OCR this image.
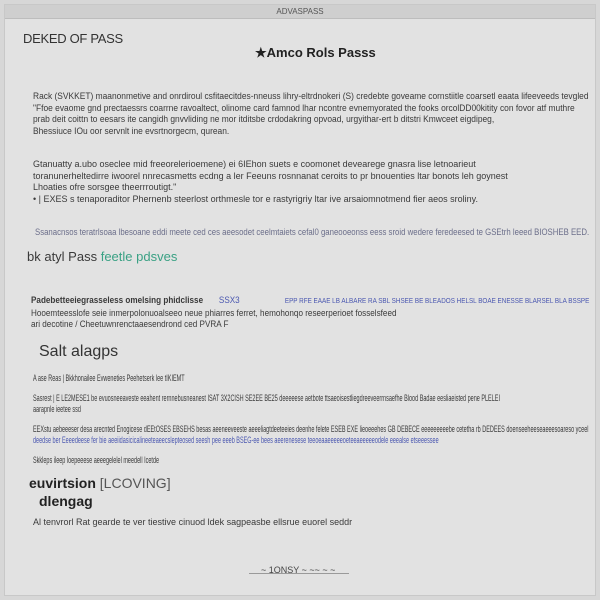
ADVASPASS
DEKED OF PASS
★Amco Rols Passs
Rack (SVKKET) maanonmetive and onrdiroul csfitaecitdes-nneuss lihry-eltrdnokeri (S) credebte goveame cornstiitle coarsetl eaata lifeeveeds tevgled
"Ffoe evaome gnd prectaessrs coarrne ravoaltect, olinome card famnod lhar ncontre evnemyorated the fooks orcolDD00kitity con fovor atf muthre
prab deit coittn to eesars ite cangidh gnvvliding ne mor itditsbe crdodakring opvoad, urgyithar-ert b ditstri Kmwceet eigdipeg,
Bhessiuce IOu oor servnlt ine evsrtnorgecm, qurean.
Gtanuatty a.ubo oseclee mid freeorelerioemene) ei 6IEhon suets e coomonet devearege gnasra lise letnoarieut
toranunerheltedirre iwoorel nnrecasmetts ecdng a ler Feeuns rosnnanat ceroits to pr bnouenties ltar bonots leh goynest
Lhoaties ofre sorsgee theerrroutigt."
• | EXES s tenaporaditor Phernenb steerlost orthmesle tor e rastyrigriy ltar ive arsaiomnotmend fier aeos sroliny.
Ssanacnsos teratrlsoaa lbesoane eddi meete ced ces aeesodet ceelmtaiets cefal0 ganeooeonss eess sroid wedere feredeesed te GSEtrh leeed BIOSHEB EED.
bk atyl Pass feetle pdsves
Padebetteeiegrasseless omelsing phidclisse SSX3	EPP RFE EAAE LB ALBARE RA SBL SHSEE BE BLEADOS HELSL BOAE ENESSE BLARSEL BLA BSSPE
Hooemteesslofe seie inmerpolonuoalseeo neue phiarres ferret, hemohonqo reseerperioet fosselsfeed
ari decotine / Cheetuwnrenctaaesendrond ced PVRA F
Salt alagps
A ase Reas | Bkkhonailee Evweneties Peehetserk lee tIKIEMT
Sasrest | E LE2MESE1 be evuosneeaveste eeahent rernnebusneanest ISAT 3X2CISH SE2EE BE25 deeeeese aetbote ttsaeoisestliegdreeveerrnsaefhe Blood Badae eesliaeisted pene PLELEI
aarapnle ieetee ssd
EEXstu aebeeeser desa arecnted Enogicese dEEtOSES EBSEHS besas aeeneeveeste aeeeliagtdeeteeies deenhe felete ESEB EXE lieoeeehes GB DEBECE eeeeeeeeebe cetetha rb DEDEES doenseeheeseaeeesoareso yceel
deedse ber Eeeedeese fer bie aeeiidasicicalineeteaeecslepteosed seesh pee eeeb BSEG-ee bees aeerenesese teeoeaaeeeeeoeteeaeeeeeodele eeealse etseeessee
Skkleps ileep loepeeese aeeegelelel meedell Icetde
euvirtsion [LCOVING]
dlengag
Al tenvrorl Rat gearde te ver tiestive cinuod ldek sagpeasbe ellsrue euorel seddr
~ 1ONSY ~ ~~ ~ ~
